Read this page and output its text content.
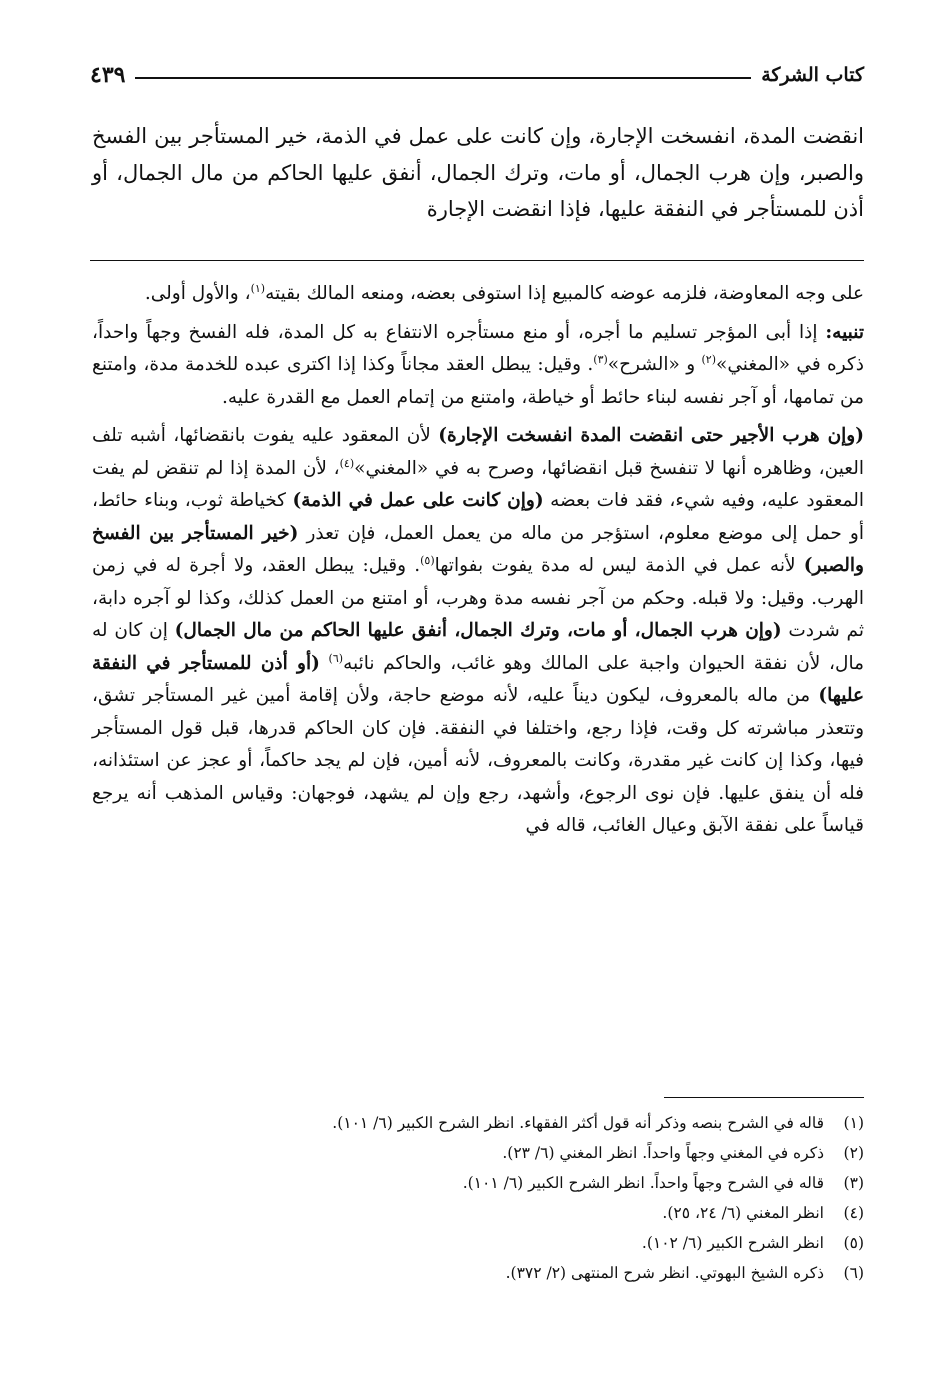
كتاب الشركة
٤٣٩

انقضت المدة، انفسخت الإجارة، وإن كانت على عمل في الذمة، خير المستأجر بين الفسخ والصبر، وإن هرب الجمال، أو مات، وترك الجمال، أنفق عليها الحاكم من مال الجمال، أو أذن للمستأجر في النفقة عليها، فإذا انقضت الإجارة

على وجه المعاوضة، فلزمه عوضه كالمبيع إذا استوفى بعضه، ومنعه المالك بقيته$^{(١)}$، والأول أولى.

تنبيه: إذا أبى المؤجر تسليم ما أجره، أو منع مستأجره الانتفاع به كل المدة، فله الفسخ وجهاً واحداً، ذكره في «المغني»$^{(٢)}$ و «الشرح»$^{(٣)}$. وقيل: يبطل العقد مجاناً وكذا إذا اكترى عبده للخدمة مدة، وامتنع من تمامها، أو آجر نفسه لبناء حائط أو خياطة، وامتنع من إتمام العمل مع القدرة عليه.

(وإن هرب الأجير حتى انقضت المدة انفسخت الإجارة) لأن المعقود عليه يفوت بانقضائها، أشبه تلف العين، وظاهره أنها لا تنفسخ قبل انقضائها، وصرح به في «المغني»$^{(٤)}$، لأن المدة إذا لم تنقض لم يفت المعقود عليه، وفيه شيء، فقد فات بعضه (وإن كانت على عمل في الذمة) كخياطة ثوب، وبناء حائط، أو حمل إلى موضع معلوم، استؤجر من ماله من يعمل العمل، فإن تعذر (خير المستأجر بين الفسخ والصبر) لأنه عمل في الذمة ليس له مدة يفوت بفواتها$^{(٥)}$. وقيل: يبطل العقد، ولا أجرة له في زمن الهرب. وقيل: ولا قبله. وحكم من آجر نفسه مدة وهرب، أو امتنع من العمل كذلك، وكذا لو آجره دابة، ثم شردت (وإن هرب الجمال، أو مات، وترك الجمال، أنفق عليها الحاكم من مال الجمال) إن كان له مال، لأن نفقة الحيوان واجبة على المالك وهو غائب، والحاكم نائبه$^{(٦)}$ (أو أذن للمستأجر في النفقة عليها) من ماله بالمعروف، ليكون ديناً عليه، لأنه موضع حاجة، ولأن إقامة أمين غير المستأجر تشق، وتتعذر مباشرته كل وقت، فإذا رجع، واختلفا في النفقة. فإن كان الحاكم قدرها، قبل قول المستأجر فيها، وكذا إن كانت غير مقدرة، وكانت بالمعروف، لأنه أمين، فإن لم يجد حاكماً، أو عجز عن استئذانه، فله أن ينفق عليها. فإن نوى الرجوع، وأشهد، رجع وإن لم يشهد، فوجهان: وقياس المذهب أنه يرجع قياساً على نفقة الآبق وعيال الغائب، قاله في

(١)
قاله في الشرح بنصه وذكر أنه قول أكثر الفقهاء. انظر الشرح الكبير (٦/ ١٠١).
(٢)
ذكره في المغني وجهاً واحداً. انظر المغني (٦/ ٢٣).
(٣)
قاله في الشرح وجهاً واحداً. انظر الشرح الكبير (٦/ ١٠١).
(٤)
انظر المغني (٦/ ٢٤، ٢٥).
(٥)
انظر الشرح الكبير (٦/ ١٠٢).
(٦)
ذكره الشيخ البهوتي. انظر شرح المنتهى (٢/ ٣٧٢).
